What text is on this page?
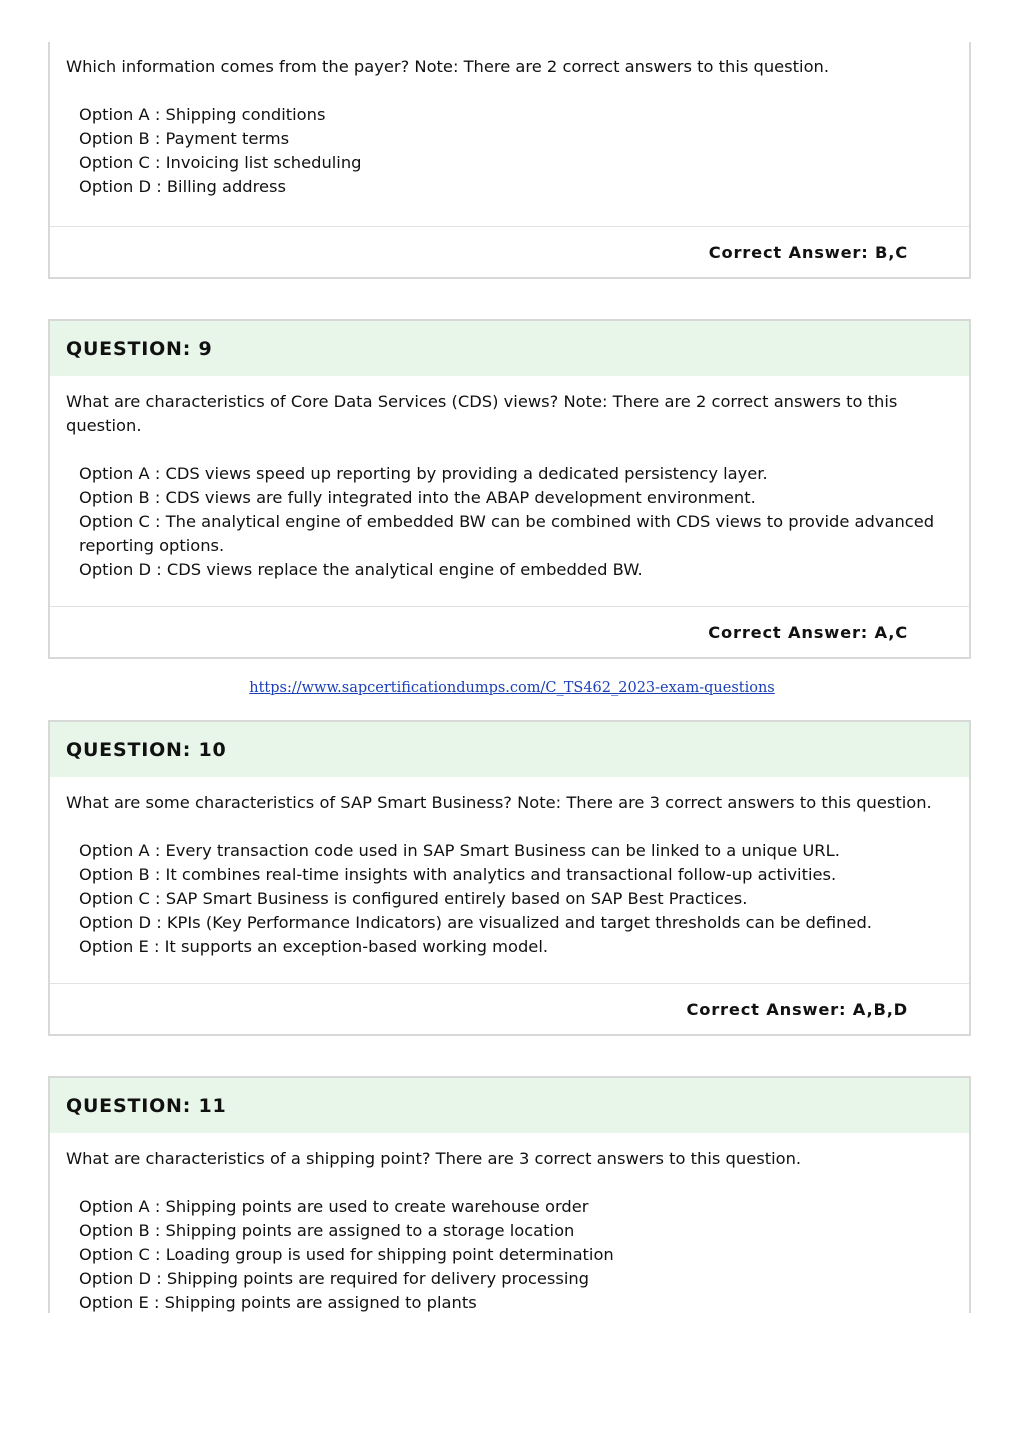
Which information comes from the payer? Note: There are 2 correct answers to this question.

Option A : Shipping conditions
Option B : Payment terms
Option C : Invoicing list scheduling
Option D : Billing address
Correct Answer: B,C
QUESTION: 9

What are characteristics of Core Data Services (CDS) views? Note: There are 2 correct answers to this question.

Option A : CDS views speed up reporting by providing a dedicated persistency layer.
Option B : CDS views are fully integrated into the ABAP development environment.
Option C : The analytical engine of embedded BW can be combined with CDS views to provide advanced reporting options.
Option D : CDS views replace the analytical engine of embedded BW.
Correct Answer: A,C
https://www.sapcertificationdumps.com/C_TS462_2023-exam-questions
QUESTION: 10

What are some characteristics of SAP Smart Business? Note: There are 3 correct answers to this question.

Option A : Every transaction code used in SAP Smart Business can be linked to a unique URL.
Option B : It combines real-time insights with analytics and transactional follow-up activities.
Option C : SAP Smart Business is configured entirely based on SAP Best Practices.
Option D : KPIs (Key Performance Indicators) are visualized and target thresholds can be defined.
Option E : It supports an exception-based working model.
Correct Answer: A,B,D
QUESTION: 11

What are characteristics of a shipping point? There are 3 correct answers to this question.

Option A : Shipping points are used to create warehouse order
Option B : Shipping points are assigned to a storage location
Option C : Loading group is used for shipping point determination
Option D : Shipping points are required for delivery processing
Option E : Shipping points are assigned to plants
